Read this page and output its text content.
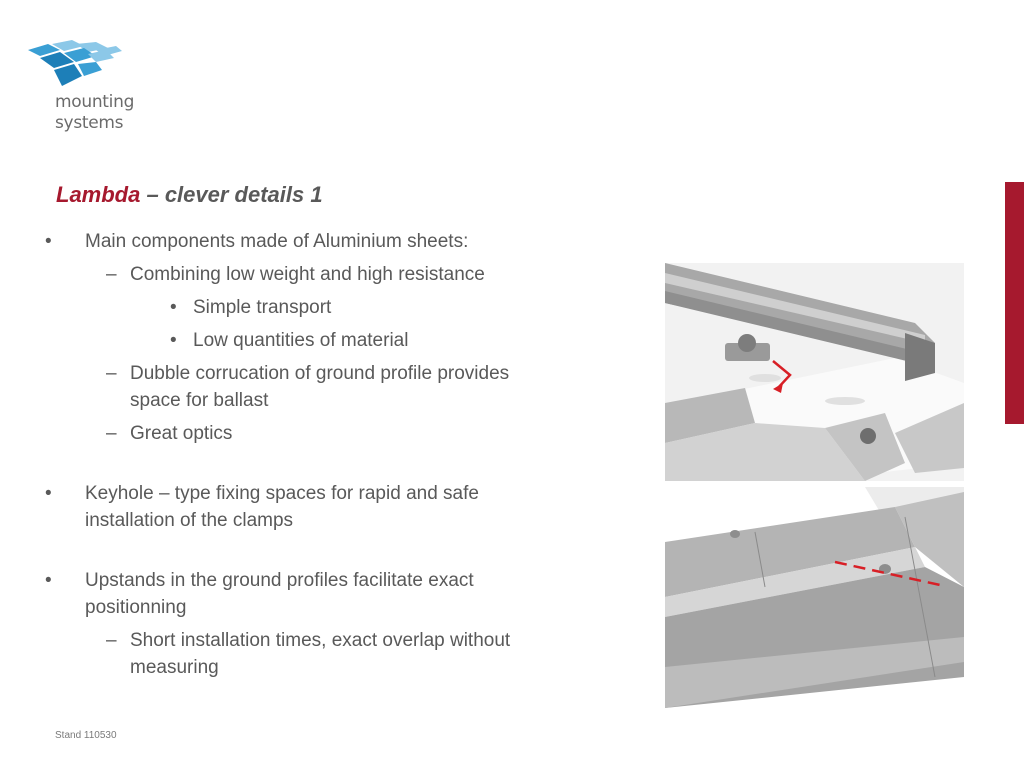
mounting
systems
Lambda – clever details 1
• Main components made of Aluminium sheets:
– Combining low weight and high resistance
• Simple transport
• Low quantities of material
– Dubble corrucation of ground profile provides
space for ballast
– Great optics
• Keyhole – type fixing spaces for rapid and safe
installation of the clamps
• Upstands in the ground profiles facilitate exact
positionning
– Short installation times, exact overlap without
measuring
Stand 110530
